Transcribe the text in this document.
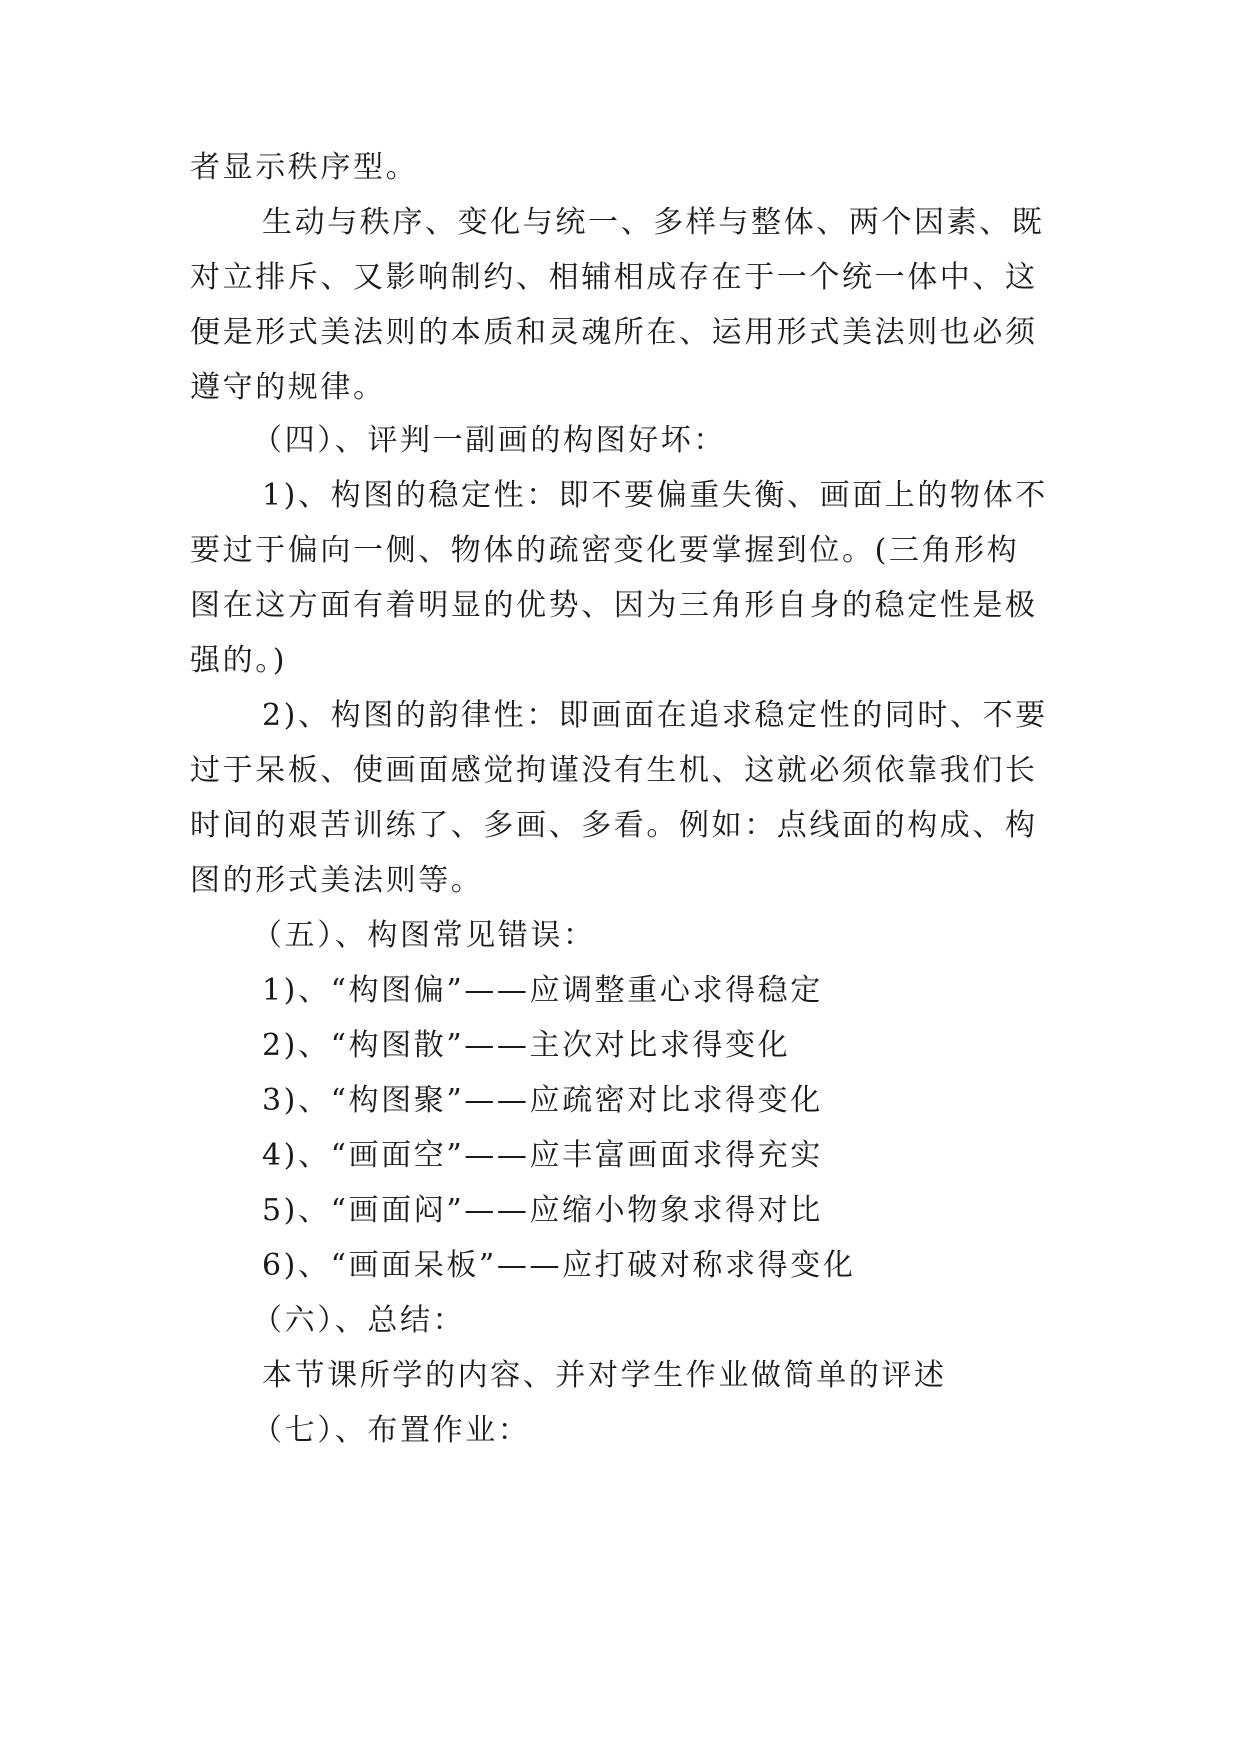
者显示秩序型。
生动与秩序、变化与统一、多样与整体、两个因素、既
对立排斥、又影响制约、相辅相成存在于一个统一体中、这
便是形式美法则的本质和灵魂所在、运用形式美法则也必须
遵守的规律。
（四）、评判一副画的构图好坏：
1)、构图的稳定性：即不要偏重失衡、画面上的物体不
要过于偏向一侧、物体的疏密变化要掌握到位。(三角形构
图在这方面有着明显的优势、因为三角形自身的稳定性是极
强的。)
2)、构图的韵律性：即画面在追求稳定性的同时、不要
过于呆板、使画面感觉拘谨没有生机、这就必须依靠我们长
时间的艰苦训练了、多画、多看。例如：点线面的构成、构
图的形式美法则等。
（五）、构图常见错误：
1)、“构图偏”——应调整重心求得稳定
2)、“构图散”——主次对比求得变化
3)、“构图聚”——应疏密对比求得变化
4)、“画面空”——应丰富画面求得充实
5)、“画面闷”——应缩小物象求得对比
6)、“画面呆板”——应打破对称求得变化
（六）、总结：
本节课所学的内容、并对学生作业做简单的评述
（七）、布置作业：
